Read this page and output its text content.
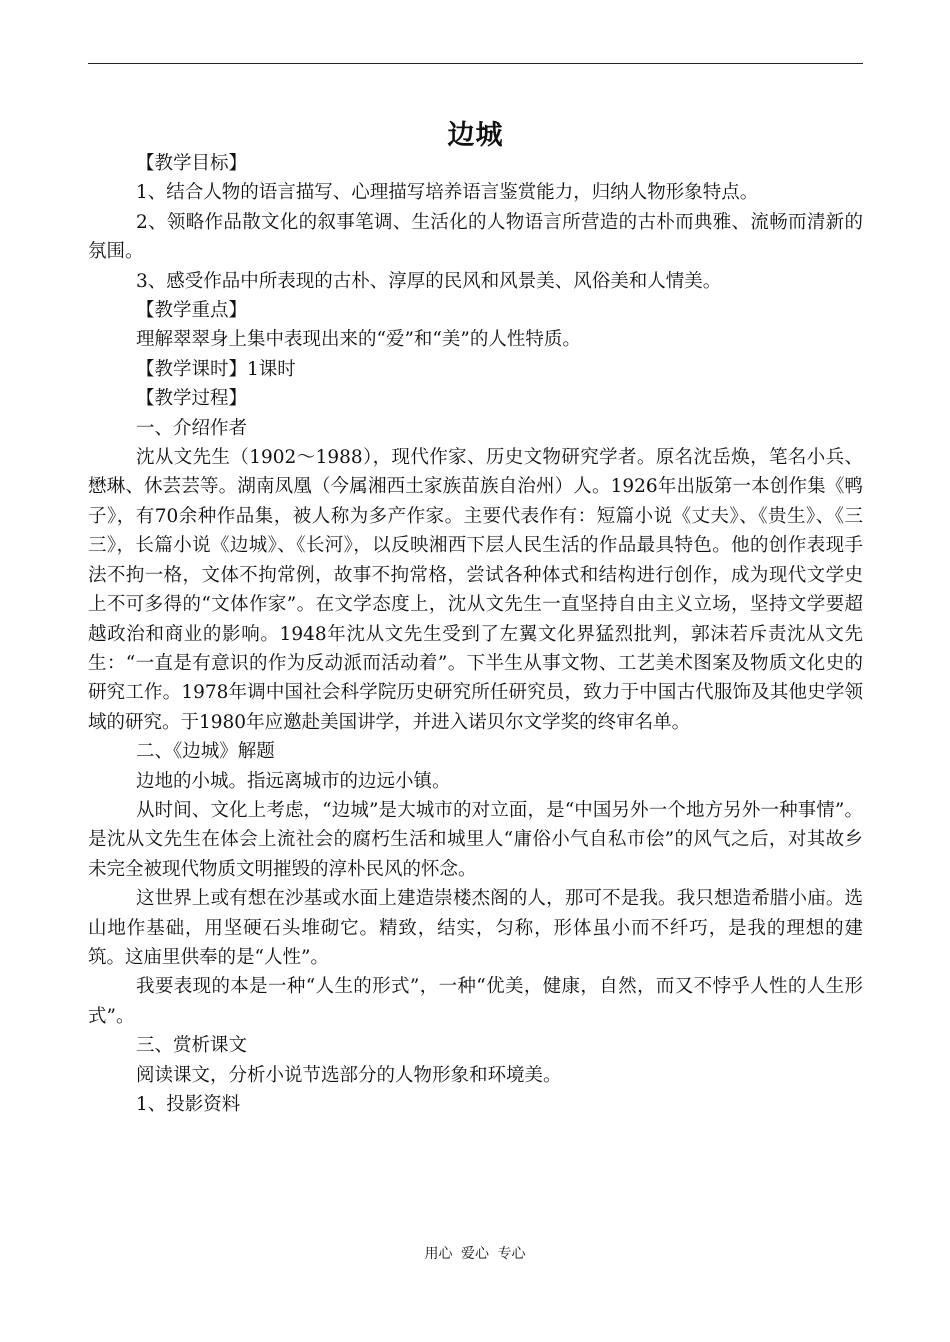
边城

【教学目标】

1、结合人物的语言描写、心理描写培养语言鉴赏能力，归纳人物形象特点。

2、领略作品散文化的叙事笔调、生活化的人物语言所营造的古朴而典雅、流畅而清新的氛围。

3、感受作品中所表现的古朴、淳厚的民风和风景美、风俗美和人情美。

【教学重点】

理解翠翠身上集中表现出来的“爱”和“美”的人性特质。

【教学课时】1课时

【教学过程】

一、介绍作者

沈从文先生（1902～1988），现代作家、历史文物研究学者。原名沈岳焕，笔名小兵、懋琳、休芸芸等。湖南凤凰（今属湘西土家族苗族自治州）人。1926年出版第一本创作集《鸭子》，有70余种作品集，被人称为多产作家。主要代表作有：短篇小说《丈夫》、《贵生》、《三三》，长篇小说《边城》、《长河》，以反映湘西下层人民生活的作品最具特色。他的创作表现手法不拘一格，文体不拘常例，故事不拘常格，尝试各种体式和结构进行创作，成为现代文学史上不可多得的“文体作家”。在文学态度上，沈从文先生一直坚持自由主义立场，坚持文学要超越政治和商业的影响。1948年沈从文先生受到了左翼文化界猛烈批判，郭沫若斥责沈从文先生：“一直是有意识的作为反动派而活动着”。下半生从事文物、工艺美术图案及物质文化史的研究工作。1978年调中国社会科学院历史研究所任研究员，致力于中国古代服饰及其他史学领域的研究。于1980年应邀赴美国讲学，并进入诺贝尔文学奖的终审名单。

二、《边城》解题

边地的小城。指远离城市的边远小镇。

从时间、文化上考虑，“边城”是大城市的对立面，是“中国另外一个地方另外一种事情”。是沈从文先生在体会上流社会的腐朽生活和城里人“庸俗小气自私市侩”的风气之后，对其故乡未完全被现代物质文明摧毁的淳朴民风的怀念。

这世界上或有想在沙基或水面上建造崇楼杰阁的人，那可不是我。我只想造希腊小庙。选山地作基础，用坚硬石头堆砌它。精致，结实，匀称，形体虽小而不纤巧，是我的理想的建筑。这庙里供奉的是“人性”。

我要表现的本是一种“人生的形式”，一种“优美，健康，自然，而又不悖乎人性的人生形式”。

三、赏析课文

阅读课文，分析小说节选部分的人物形象和环境美。

1、投影资料

用心 爱心 专心
